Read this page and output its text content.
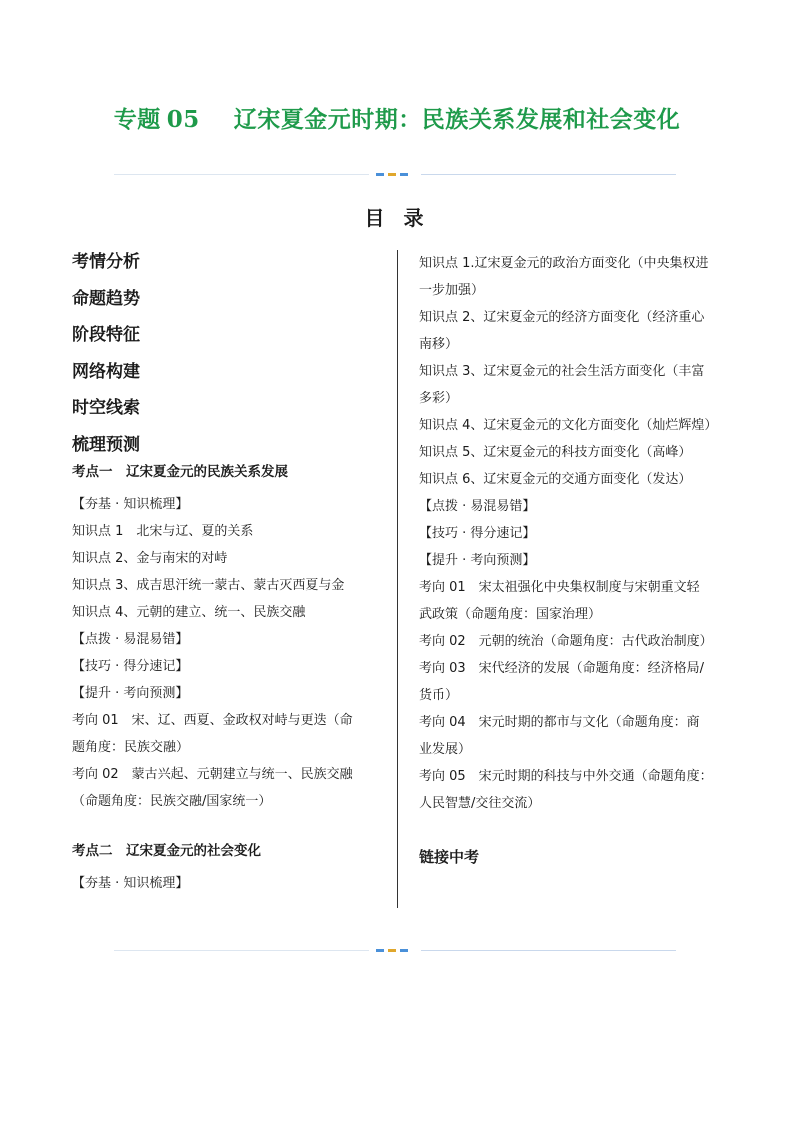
专题 05 辽宋夏金元时期：民族关系发展和社会变化
目 录
考情分析
命题趋势
阶段特征
网络构建
时空线索
梳理预测
考点一　辽宋夏金元的民族关系发展
【夯基 · 知识梳理】
知识点 1　北宋与辽、夏的关系
知识点 2、金与南宋的对峙
知识点 3、成吉思汗统一蒙古、蒙古灭西夏与金
知识点 4、元朝的建立、统一、民族交融
【点拨 · 易混易错】
【技巧 · 得分速记】
【提升 · 考向预测】
考向 01　宋、辽、西夏、金政权对峙与更迭（命
题角度：民族交融）
考向 02　蒙古兴起、元朝建立与统一、民族交融
（命题角度：民族交融/国家统一）
考点二　辽宋夏金元的社会变化
【夯基 · 知识梳理】
知识点 1.辽宋夏金元的政治方面变化（中央集权进
一步加强）
知识点 2、辽宋夏金元的经济方面变化（经济重心
南移）
知识点 3、辽宋夏金元的社会生活方面变化（丰富
多彩）
知识点 4、辽宋夏金元的文化方面变化（灿烂辉煌）
知识点 5、辽宋夏金元的科技方面变化（高峰）
知识点 6、辽宋夏金元的交通方面变化（发达）
【点拨 · 易混易错】
【技巧 · 得分速记】
【提升 · 考向预测】
考向 01　宋太祖强化中央集权制度与宋朝重文轻
武政策（命题角度：国家治理）
考向 02　元朝的统治（命题角度：古代政治制度）
考向 03　宋代经济的发展（命题角度：经济格局/
货币）
考向 04　宋元时期的都市与文化（命题角度：商
业发展）
考向 05　宋元时期的科技与中外交通（命题角度：
人民智慧/交往交流）
链接中考
